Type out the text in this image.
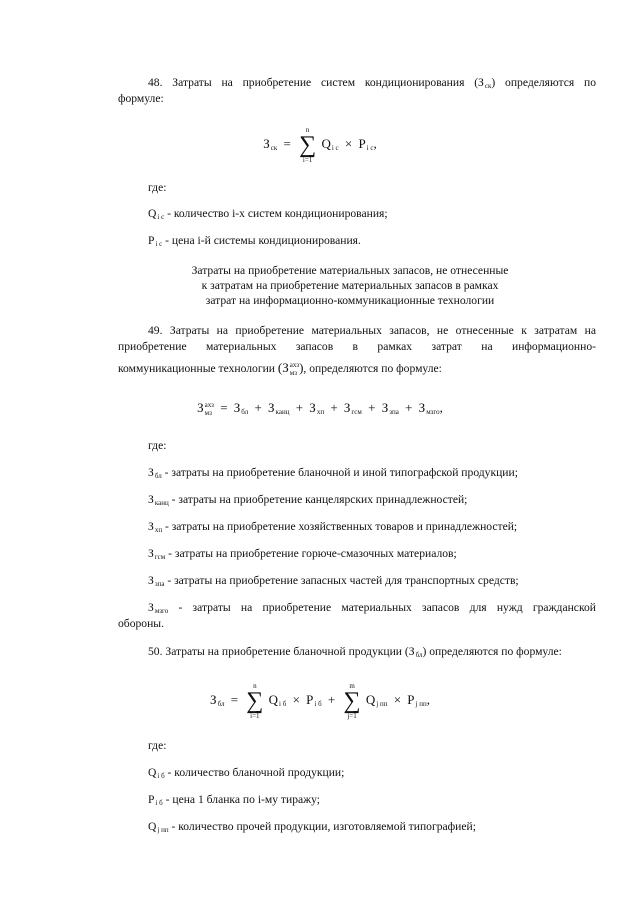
48. Затраты на приобретение систем кондиционирования $(З_{ск})$ определяются по

формуле:

$З_{ск}$ =
n
∑
i=1
$Q_{i с} \times P_{i с}$,

где:

$Q_{i с}$ - количество i-х систем кондиционирования;

$P_{i с}$ - цена i-й системы кондиционирования.

Затраты на приобретение материальных запасов, не отнесенные
к затратам на приобретение материальных запасов в рамках
затрат на информационно-коммуникационные технологии

49. Затраты на приобретение материальных запасов, не отнесенные к затратам на

приобретение материальных запасов в рамках затрат на информационно-

коммуникационные технологии (З ахз
мз ), определяются по формуле:

З ахз
мз = $З_{бл} + З_{канц} + З_{хп} + З_{гсм} + З_{зпа} + З_{мзго}$,

где:

$З_{бл}$ - затраты на приобретение бланочной и иной типографской продукции;

$З_{канц}$ - затраты на приобретение канцелярских принадлежностей;

$З_{хп}$ - затраты на приобретение хозяйственных товаров и принадлежностей;

$З_{гсм}$ - затраты на приобретение горюче-смазочных материалов;

$З_{зпа}$ - затраты на приобретение запасных частей для транспортных средств;

$З_{мзго}$ - затраты на приобретение материальных запасов для нужд гражданской

обороны.

50. Затраты на приобретение бланочной продукции $(З_{бл})$ определяются по формуле:

$З_{бл}$ =
n
∑
i=1
$Q_{i б} \times P_{i б}$ +
m
∑
j=1
$Q_{j пп} \times P_{j пп}$,

где:

$Q_{i б}$ - количество бланочной продукции;

$P_{i б}$ - цена 1 бланка по i-му тиражу;

$Q_{j пп}$ - количество прочей продукции, изготовляемой типографией;
